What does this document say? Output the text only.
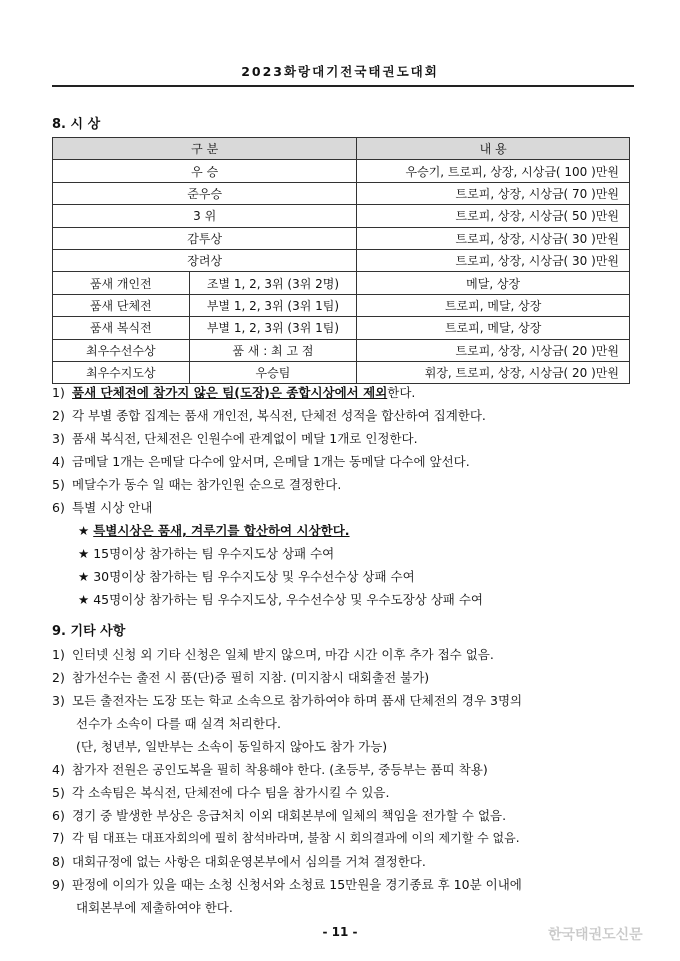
2023화랑대기전국태권도대회
8. 시 상
구 분		내 용
우 승		우승기, 트로피, 상장, 시상금( 100 )만원
준우승		트로피, 상장, 시상금( 70 )만원
3 위		트로피, 상장, 시상금( 50 )만원
감투상		트로피, 상장, 시상금( 30 )만원
장려상		트로피, 상장, 시상금( 30 )만원
품새 개인전	조별 1, 2, 3위 (3위 2명)	메달, 상장
품새 단체전	부별 1, 2, 3위 (3위 1팀)	트로피, 메달, 상장
품새 복식전	부별 1, 2, 3위 (3위 1팀)	트로피, 메달, 상장
최우수선수상	품 새 : 최 고 점	트로피, 상장, 시상금( 20 )만원
최우수지도상	우승팀	휘장, 트로피, 상장, 시상금( 20 )만원
1) 품새 단체전에 참가지 않은 팀(도장)은 종합시상에서 제외한다.
2) 각 부별 종합 집계는 품새 개인전, 복식전, 단체전 성적을 합산하여 집계한다.
3) 품새 복식전, 단체전은 인원수에 관계없이 메달 1개로 인정한다.
4) 금메달 1개는 은메달 다수에 앞서며, 은메달 1개는 동메달 다수에 앞선다.
5) 메달수가 동수 일 때는 참가인원 순으로 결정한다.
6) 특별 시상 안내
★ 특별시상은 품새, 겨루기를 합산하여 시상한다.
★ 15명이상 참가하는 팀 우수지도상 상패 수여
★ 30명이상 참가하는 팀 우수지도상 및 우수선수상 상패 수여
★ 45명이상 참가하는 팀 우수지도상, 우수선수상 및 우수도장상 상패 수여
9. 기타 사항
1) 인터넷 신청 외 기타 신청은 일체 받지 않으며, 마감 시간 이후 추가 접수 없음.
2) 참가선수는 출전 시 품(단)증 필히 지참. (미지참시 대회출전 불가)
3) 모든 출전자는 도장 또는 학교 소속으로 참가하여야 하며 품새 단체전의 경우 3명의
선수가 소속이 다를 때 실격 처리한다.
(단, 청년부, 일반부는 소속이 동일하지 않아도 참가 가능)
4) 참가자 전원은 공인도복을 필히 착용해야 한다. (초등부, 중등부는 품띠 착용)
5) 각 소속팀은 복식전, 단체전에 다수 팀을 참가시킬 수 있음.
6) 경기 중 발생한 부상은 응급처치 이외 대회본부에 일체의 책임을 전가할 수 없음.
7) 각 팀 대표는 대표자회의에 필히 참석바라며, 불참 시 회의결과에 이의 제기할 수 없음.
8) 대회규정에 없는 사항은 대회운영본부에서 심의를 거쳐 결정한다.
9) 판정에 이의가 있을 때는 소청 신청서와 소청료 15만원을 경기종료 후 10분 이내에
대회본부에 제출하여야 한다.
- 11 -	한국태권도신문
